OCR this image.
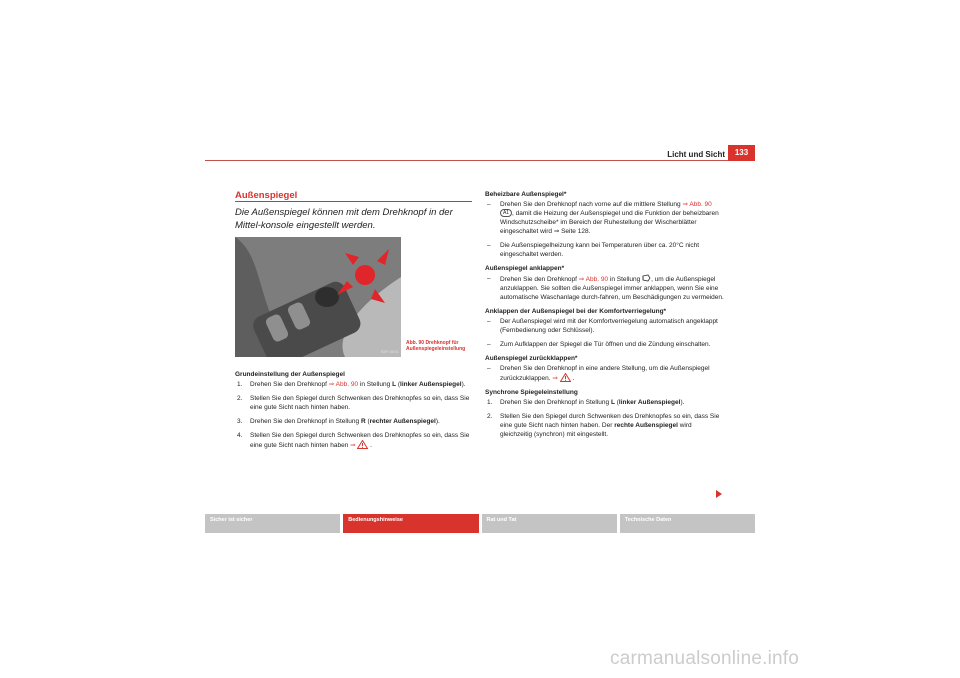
Licht und Sicht	133
Außenspiegel
Die Außenspiegel können mit dem Drehknopf in der Mittel-konsole eingestellt werden.
B5P-0651
Abb. 90 Drehknopf für
Außenspiegeleinstellung
Grundeinstellung der Außenspiegel
1. Drehen Sie den Drehknopf ⇒ Abb. 90 in Stellung L (linker Außenspiegel).
2. Stellen Sie den Spiegel durch Schwenken des Drehknopfes so ein, dass Sie eine gute Sicht nach hinten haben.
3. Drehen Sie den Drehknopf in Stellung R (rechter Außenspiegel).
4. Stellen Sie den Spiegel durch Schwenken des Drehknopfes so ein, dass Sie eine gute Sicht nach hinten haben ⇒  .
Beheizbare Außenspiegel*
– Drehen Sie den Drehknopf nach vorne auf die mittlere Stellung ⇒ Abb. 90 A1 , damit die Heizung der Außenspiegel und die Funktion der beheizbaren Windschutzscheibe* im Bereich der Ruhestellung der Wischerblätter eingeschaltet wird ⇒ Seite 128.
– Die Außenspiegelheizung kann bei Temperaturen über ca. 20°C nicht eingeschaltet werden.
Außenspiegel anklappen*
– Drehen Sie den Drehknopf ⇒ Abb. 90 in Stellung , um die Außenspiegel anzuklappen. Sie sollten die Außenspiegel immer anklappen, wenn Sie eine automatische Waschanlage durch-fahren, um Beschädigungen zu vermeiden.
Anklappen der Außenspiegel bei der Komfortverriegelung*
– Der Außenspiegel wird mit der Komfortverriegelung automatisch angeklappt (Fernbedienung oder Schlüssel).
– Zum Aufklappen der Spiegel die Tür öffnen und die Zündung einschalten.
Außenspiegel zurückklappen*
– Drehen Sie den Drehknopf in eine andere Stellung, um die Außenspiegel zurückzuklappen. ⇒  .
Synchrone Spiegeleinstellung
1. Drehen Sie den Drehknopf in Stellung L (linker Außenspiegel).
2. Stellen Sie den Spiegel durch Schwenken des Drehknopfes so ein, dass Sie eine gute Sicht nach hinten haben. Der rechte Außenspiegel wird gleichzeitig (synchron) mit eingestellt.
Sicher ist sicher	Bedienungshinweise	Rat und Tat	Technische Daten
carmanualsonline.info
